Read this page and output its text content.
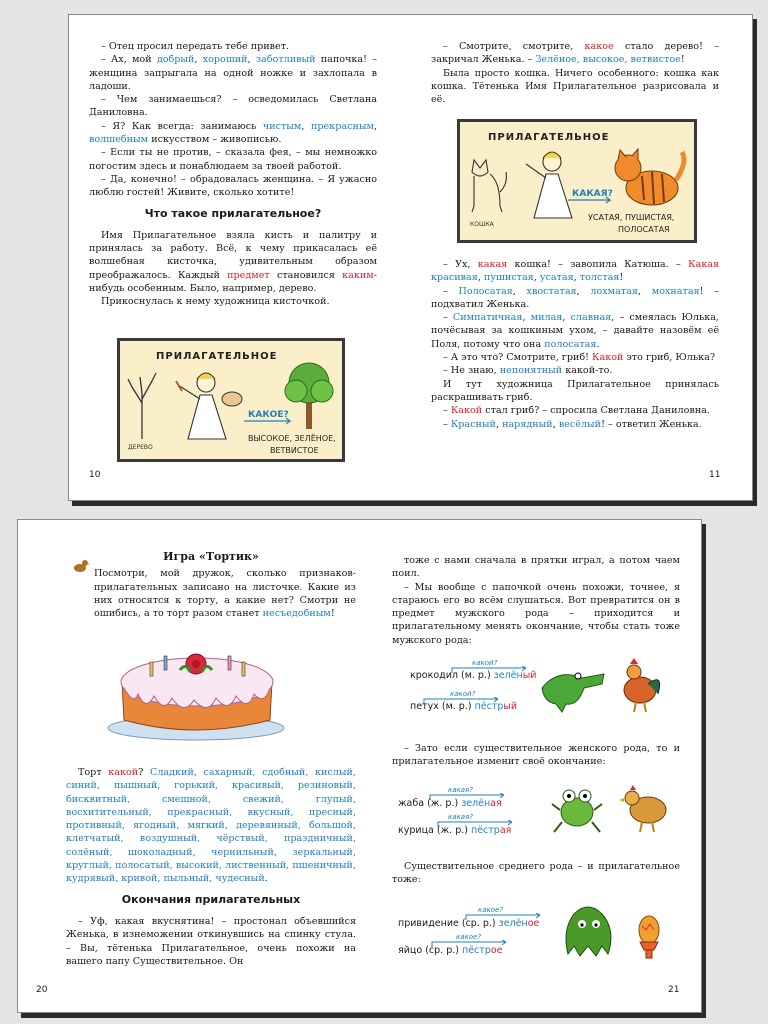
– Отец просил передать тебе привет.

– Ах, мой добрый, хороший, заботливый папочка! – женщина запрыгала на одной ножке и захлопала в ладоши.

– Чем занимаешься? – осведомилась Светлана Даниловна.

– Я? Как всегда: занимаюсь чистым, прекрасным, волшебным искусством – живописью.

– Если ты не против, – сказала фея, – мы немножко погостим здесь и понаблюдаем за твоей работой.

– Да, конечно! – обрадовалась женщина. – Я ужасно люблю гостей! Живите, сколько хотите!

Что такое прилагательное?

Имя Прилагательное взяла кисть и палитру и принялась за работу. Всё, к чему прикасалась её волшебная кисточка, удивительным образом преображалось. Каждый предмет становился каким-нибудь особенным. Было, например, дерево.

Прикоснулась к нему художница кисточкой.

ПРИЛАГАТЕЛЬНОЕ
ДЕРЕВО
КАКОЕ?
ВЫСОКОЕ, ЗЕЛЁНОЕ,
ВЕТВИСТОЕ

– Смотрите, смотрите, какое стало дерево! – закричал Женька. – Зелёное, высокое, ветвистое!

Была просто кошка. Ничего особенного: кошка как кошка. Тётенька Имя Прилагательное разрисовала и её.

ПРИЛАГАТЕЛЬНОЕ
КОШКА
КАКАЯ?
УСАТАЯ, ПУШИСТАЯ,
ПОЛОСАТАЯ

– Ух, какая кошка! – завопила Катюша. – Какая красивая, пушистая, усатая, толстая!

– Полосатая, хвостатая, лохматая, мохнатая! – подхватил Женька.

– Симпатичная, милая, славная, – смеялась Юлька, почёсывая за кошкиным ухом, – давайте назовём её Поля, потому что она полосатая.

– А это что? Смотрите, гриб! Какой это гриб, Юлька?

– Не знаю, непонятный какой-то.

И тут художница Прилагательное принялась раскрашивать гриб.

– Какой стал гриб? – спросила Светлана Даниловна.

– Красный, нарядный, весёлый! – ответил Женька.

10	11
Игра «Тортик»

Посмотри, мой дружок, сколько признаков-прилагательных записано на листочке. Какие из них относятся к торту, а какие нет? Смотри не ошибись, а то торт разом станет несъедобным!

Торт какой? Сладкий, сахарный, сдобный, кислый, синий, пышный, горький, красивый, резиновый, бисквитный, смешной, свежий, глупый, восхитительный, прекрасный, вкусный, пресный, противный, ягодный, мягкий, деревянный, большой, клетчатый, воздушный, чёрствый, праздничный, солёный, шоколадный, чернильный, зеркальный, круглый, полосатый, высокий, лиственный, пшеничный, кудрявый, кривой, пыльный, чудесный.

Окончания прилагательных

– Уф, какая вкуснятина! – простонал объевшийся Женька, в изнеможении откинувшись на спинку стула. – Вы, тётенька Прилагательное, очень похожи на вашего папу Существительное. Он

тоже с нами сначала в прятки играл, а потом чаем поил.

– Мы вообще с папочкой очень похожи, точнее, я стараюсь его во всём слушаться. Вот превратится он в предмет мужского рода – приходится и прилагательному менять окончание, чтобы стать тоже мужского рода:

какой?
крокодил (м. р.) зелёный
какой?
петух (м. р.) пёстрый

– Зато если существительное женского рода, то и прилагательное изменит своё окончание:

какая?
жаба (ж. р.) зелёная
какая?
курица (ж. р.) пёстрая

Существительное среднего рода – и прилагательное тоже:

какое?
привидение (ср. р.) зелёное
какое?
яйцо (ср. р.) пёстрое
20	21
